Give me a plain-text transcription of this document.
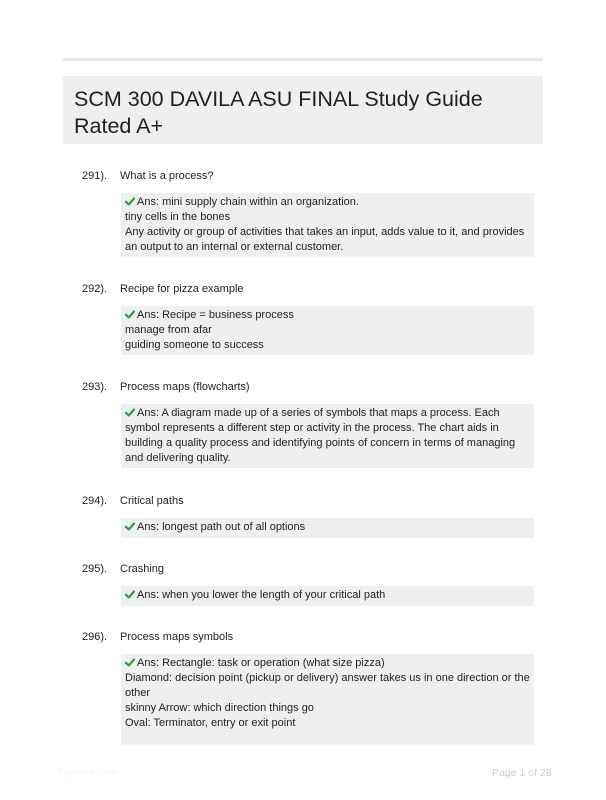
SCM 300 DAVILA ASU FINAL Study Guide Rated A+
291). What is a process?
Ans: mini supply chain within an organization.
tiny cells in the bones
Any activity or group of activities that takes an input, adds value to it, and provides an output to an internal or external customer.
292). Recipe for pizza example
Ans: Recipe = business process
manage from afar
guiding someone to success
293). Process maps (flowcharts)
Ans: A diagram made up of a series of symbols that maps a process. Each symbol represents a different step or activity in the process. The chart aids in building a quality process and identifying points of concern in terms of managing and delivering quality.
294). Critical paths
Ans: longest path out of all options
295). Crashing
Ans: when you lower the length of your critical path
296). Process maps symbols
Ans: Rectangle: task or operation (what size pizza)
Diamond: decision point (pickup or delivery) answer takes us in one direction or the other
skinny Arrow: which direction things go
Oval: Terminator, entry or exit point
Paperfinic.com	Page 1 of 28
